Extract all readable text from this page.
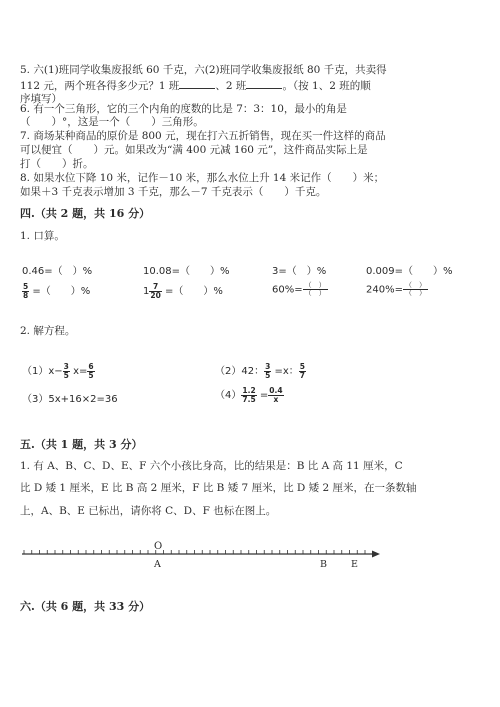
5. 六(1)班同学收集废报纸 60 千克，六(2)班同学收集废报纸 80 千克，共卖得
112 元，两个班各得多少元？1 班	、2 班	。（按 1、2 班的顺
序填写）
6. 有一个三角形，它的三个内角的度数的比是 7：3：10，最小的角是
（　　）°，这是一个（　　）三角形。
7. 商场某种商品的原价是 800 元，现在打六五折销售，现在买一件这样的商品
可以便宜（　　）元。如果改为“满 400 元减 160 元”，这件商品实际上是
打（　　）折。
8. 如果水位下降 10 米，记作－10 米，那么水位上升 14 米记作（　　）米；
如果＋3 千克表示增加 3 千克，那么－7 千克表示（　　）千克。
四.（共 2 题，共 16 分）
1. 口算。
0.46=（　）%	10.08=（　　）%	3=（　）%	0.009=（　　）%
$\frac{5}{8}$ =（　　）%	$1 \frac{7}{20}$ =（　　）%	$60\%= \frac{( )}{( )}$	$240\%= \frac{( )}{( )}$
2. 解方程。
$(1)x- \frac{3}{5} x= \frac{6}{5}$	（2）42： $\frac{3}{5} =x$： $\frac{5}{7}$
（3）5x+16×2=36	$(4) \frac{1.2}{7.5} = \frac{0.4}{x}$
五.（共 1 题，共 3 分）
1. 有 A、B、C、D、E、F 六个小孩比身高，比的结果是：B 比 A 高 11 厘米，C
比 D 矮 1 厘米，E 比 B 高 2 厘米，F 比 B 矮 7 厘米，比 D 矮 2 厘米，在一条数轴
上，A、B、E 已标出，请你将 C、D、F 也标在图上。
O
A	B	E
六.（共 6 题，共 33 分）
